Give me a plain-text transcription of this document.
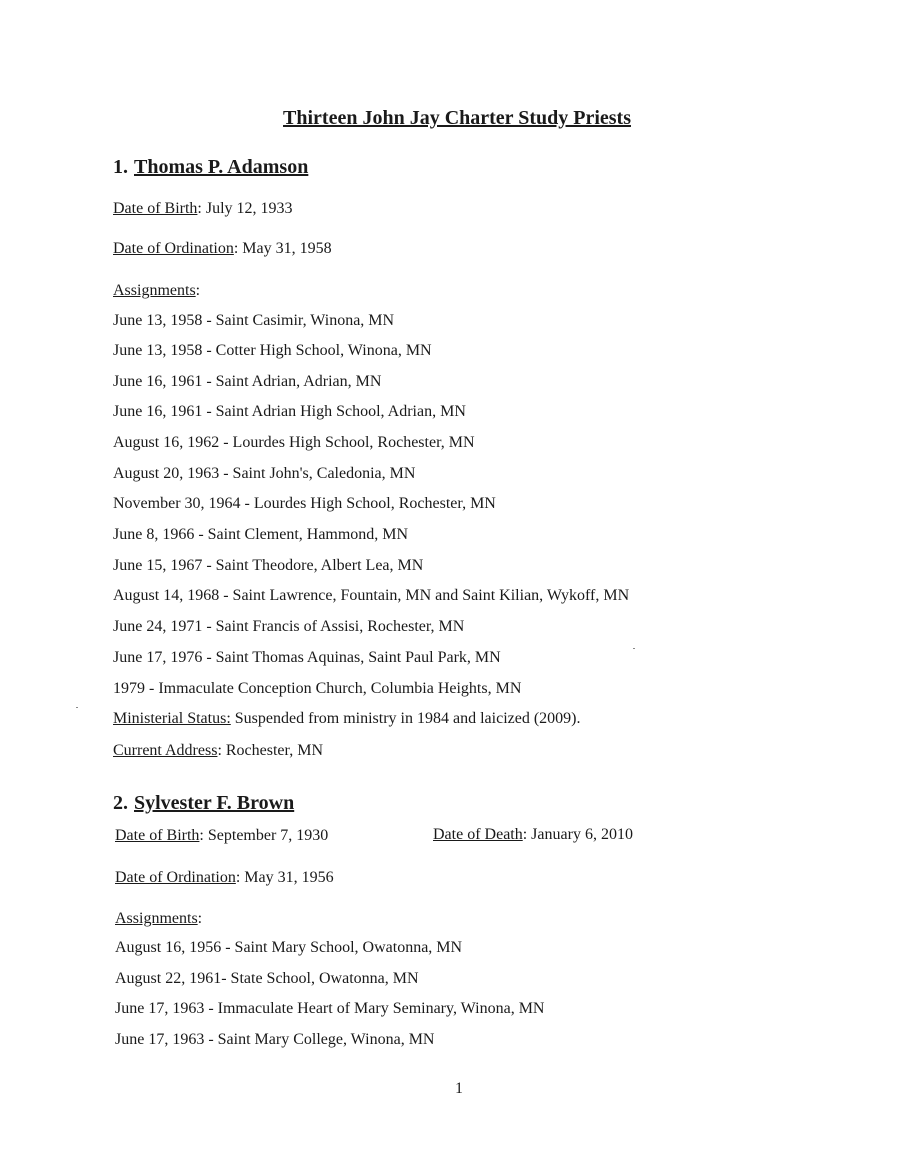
Thirteen John Jay Charter Study Priests
1. Thomas P. Adamson
Date of Birth: July 12, 1933
Date of Ordination: May 31, 1958
Assignments:
June 13, 1958 - Saint Casimir, Winona, MN
June 13, 1958 - Cotter High School, Winona, MN
June 16, 1961 - Saint Adrian, Adrian, MN
June 16, 1961 - Saint Adrian High School, Adrian, MN
August 16, 1962 - Lourdes High School, Rochester, MN
August 20, 1963 - Saint John's, Caledonia, MN
November 30, 1964 - Lourdes High School, Rochester, MN
June 8, 1966 - Saint Clement, Hammond, MN
June 15, 1967 - Saint Theodore, Albert Lea, MN
August 14, 1968 - Saint Lawrence, Fountain, MN and Saint Kilian, Wykoff, MN
June 24, 1971 - Saint Francis of Assisi, Rochester, MN
June 17, 1976 - Saint Thomas Aquinas, Saint Paul Park, MN
1979 - Immaculate Conception Church, Columbia Heights, MN
Ministerial Status: Suspended from ministry in 1984 and laicized (2009).
Current Address: Rochester, MN
2. Sylvester F. Brown
Date of Birth: September 7, 1930	Date of Death: January 6, 2010
Date of Ordination: May 31, 1956
Assignments:
August 16, 1956 - Saint Mary School, Owatonna, MN
August 22, 1961- State School, Owatonna, MN
June 17, 1963 - Immaculate Heart of Mary Seminary, Winona, MN
June 17, 1963 - Saint Mary College, Winona, MN
1
